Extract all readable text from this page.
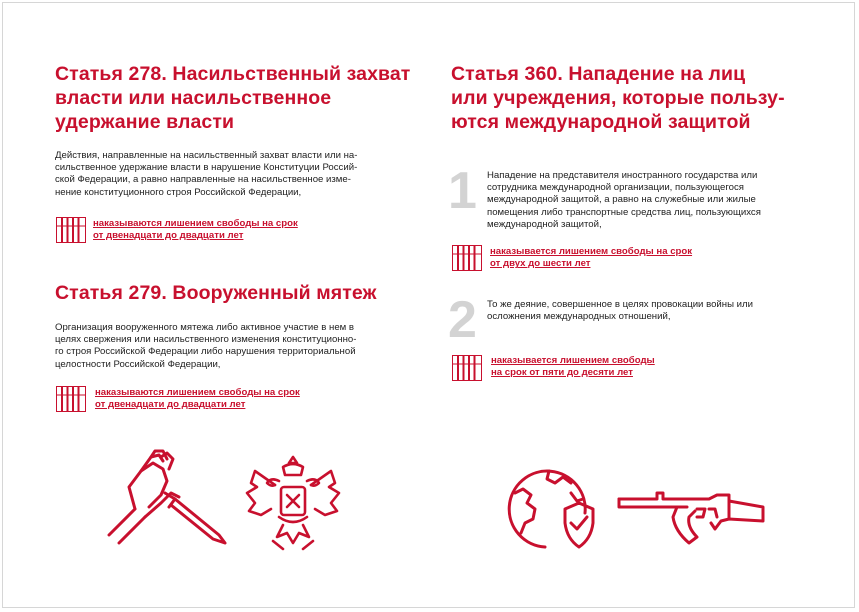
Статья 278. Насильственный захват
власти или насильственное
удержание власти

Действия, направленные на насильственный захват власти или на-
сильственное удержание власти в нарушение Конституции Россий-
ской Федерации, а равно направленные на насильственное изме-
нение конституционного строя Российской Федерации,

наказываются лишением свободы на срок
от двенадцати до двадцати лет
Статья 279. Вооруженный мятеж

Организация вооруженного мятежа либо активное участие в нем в
целях свержения или насильственного изменения конституционно-
го строя Российской Федерации либо нарушения территориальной
целостности Российской Федерации,

наказываются лишением свободы на срок
от двенадцати до двадцати лет
Статья 360. Нападение на лиц
или учреждения, которые пользу-
ются международной защитой
1 Нападение на представителя иностранного государства или
сотрудника международной организации, пользующегося
международной защитой, а равно на служебные или жилые
помещения либо транспортные средства лиц, пользующихся
международной защитой,

наказывается лишением свободы на срок
от двух до шести лет
2 То же деяние, совершенное в целях провокации войны или
осложнения международных отношений,

наказывается лишением свободы
на срок от пяти до десяти лет
